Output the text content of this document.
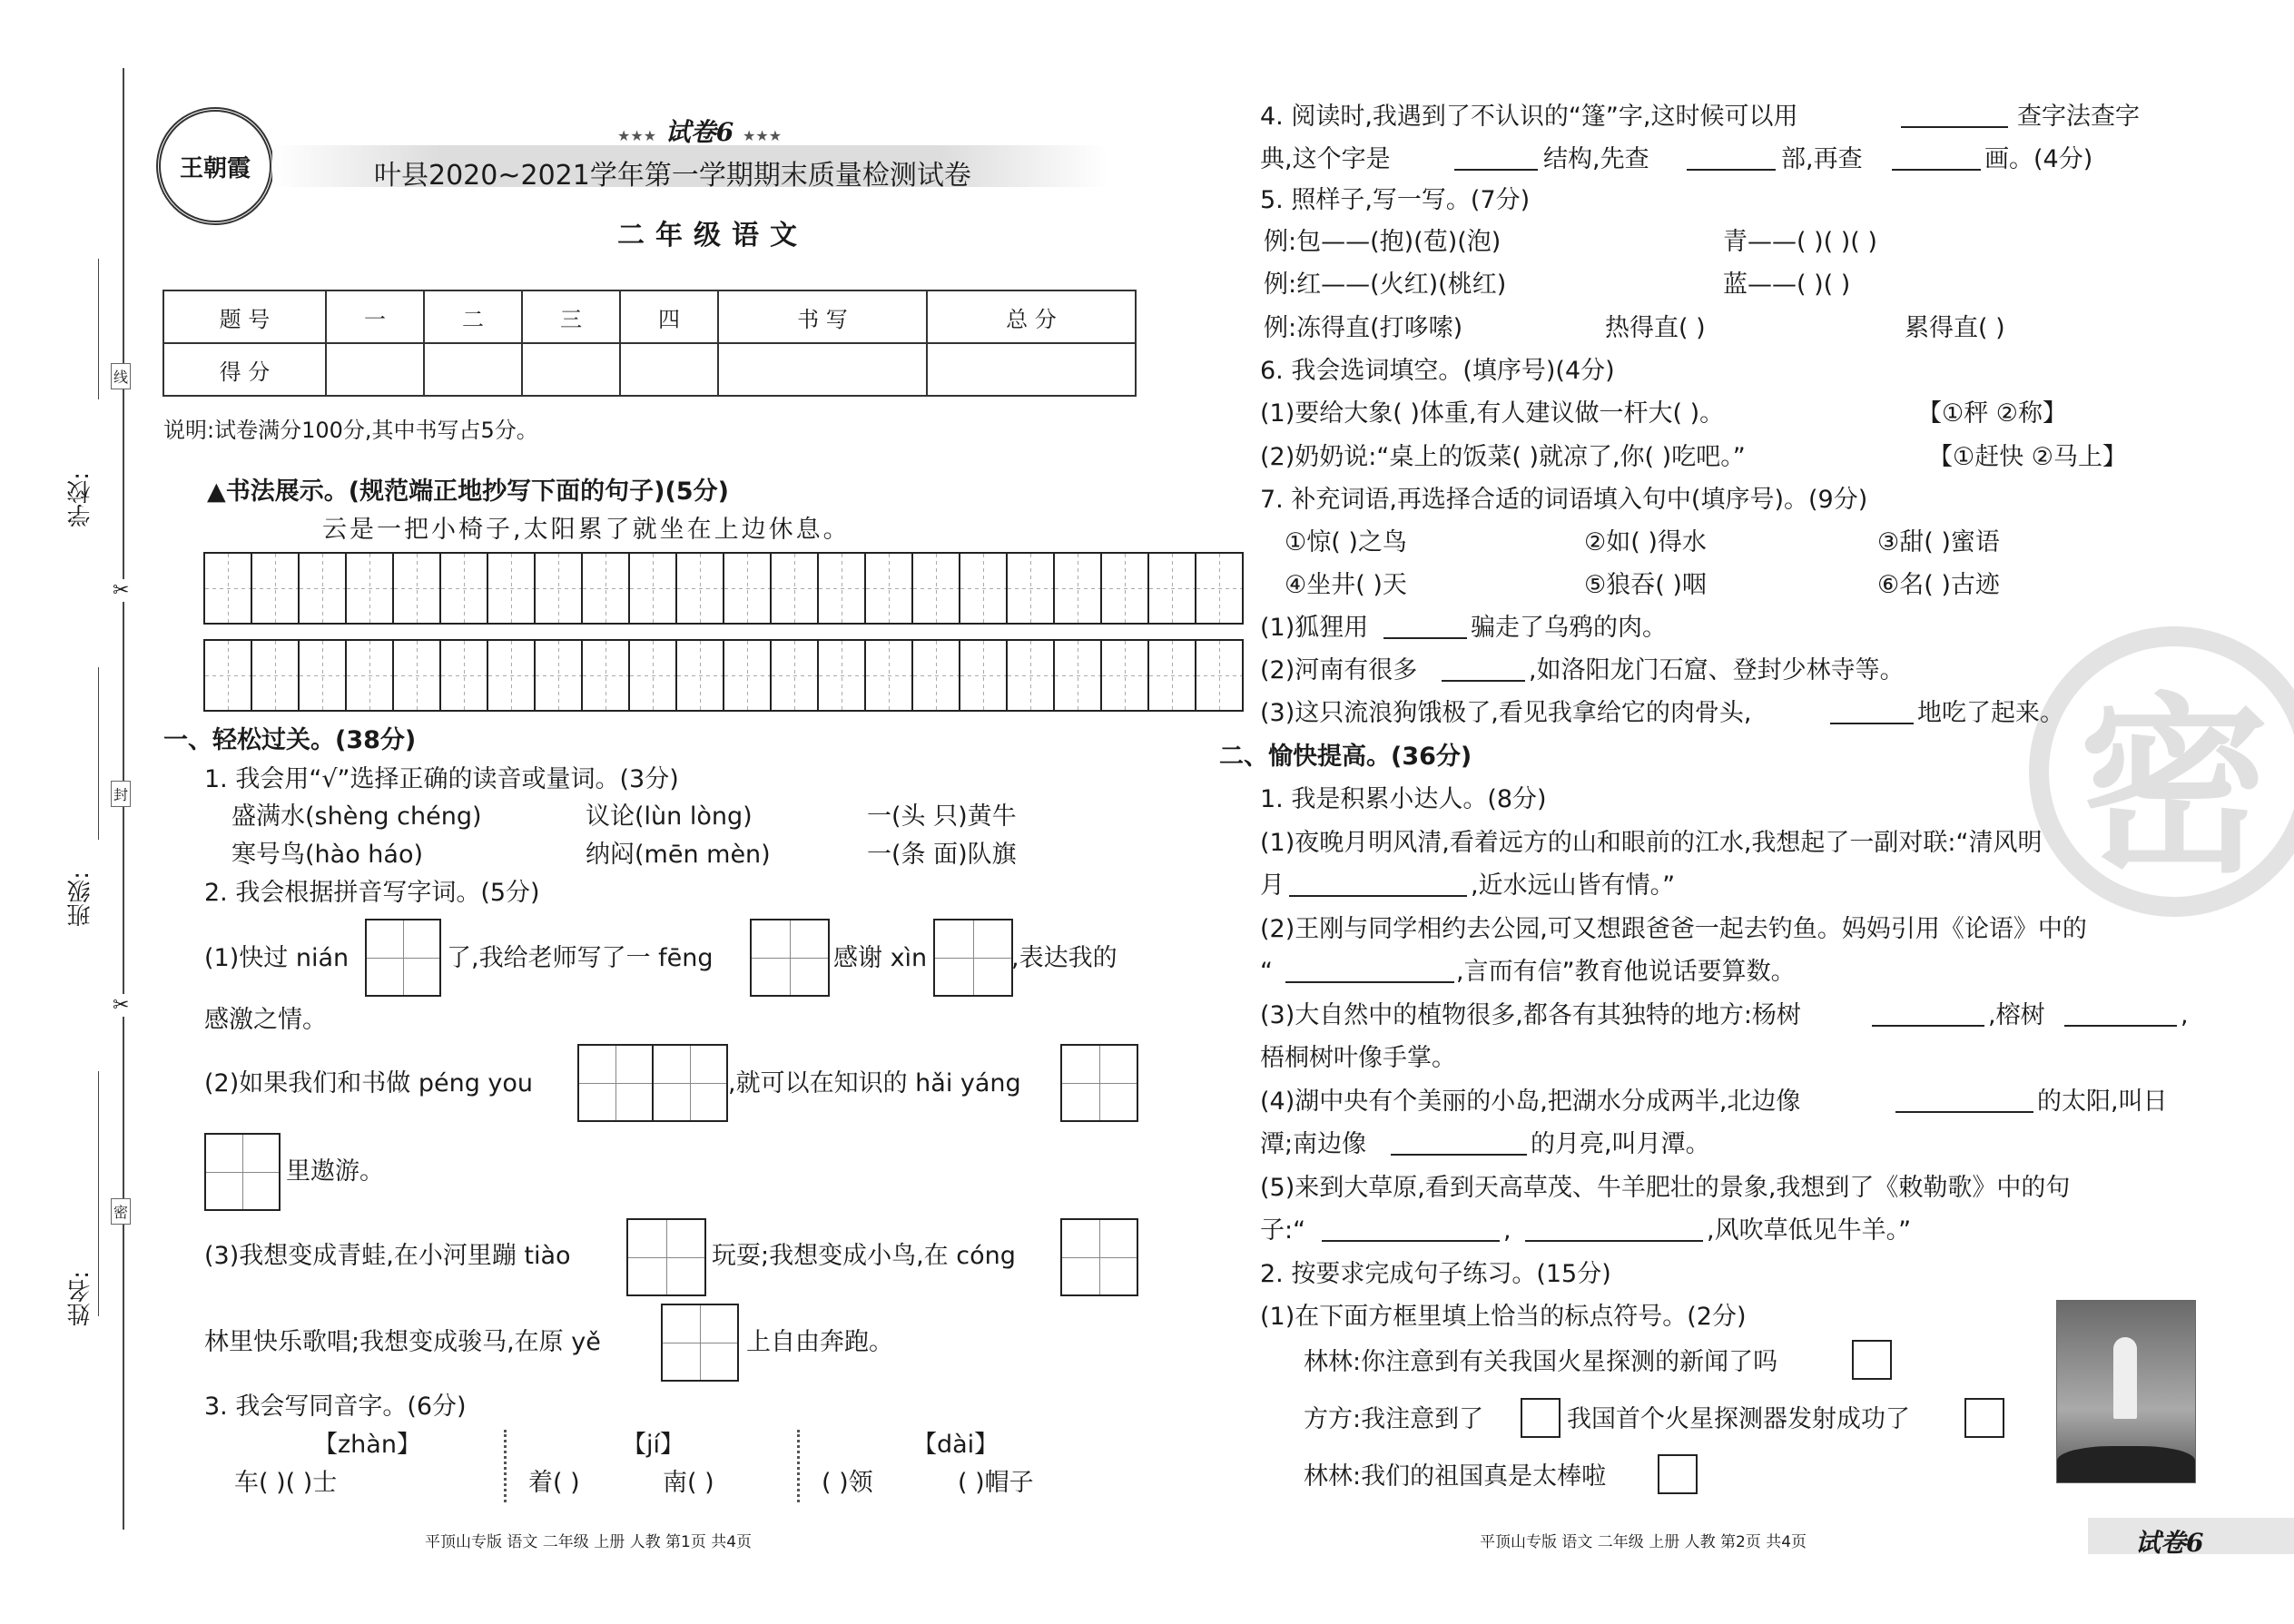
学校:
班级:
姓名:
线
封
密
✂
✂
王朝霞
★★★ 试卷6 ★★★
叶县2020~2021学年第一学期期末质量检测试卷
二年级语文
题 号	一	二	三	四	书 写	总 分
得 分						
说明:试卷满分100分,其中书写占5分。
▲书法展示。(规范端正地抄写下面的句子)(5分)
云是一把小椅子,太阳累了就坐在上边休息。
一、轻松过关。(38分)
1. 我会用“√”选择正确的读音或量词。(3分)
盛满水(shèng chéng)	议论(lùn lòng)	一(头 只)黄牛
寒号鸟(hào háo)	纳闷(mēn mèn)	一(条 面)队旗
2. 我会根据拼音写字词。(5分)
(1)快过 nián	了,我给老师写了一 fēng	感谢 xìn	,表达我的
感激之情。
(2)如果我们和书做 péng you	,就可以在知识的 hǎi yáng
里遨游。
(3)我想变成青蛙,在小河里蹦 tiào	玩耍;我想变成小鸟,在 cóng
林里快乐歌唱;我想变成骏马,在原 yě	上自由奔跑。
3. 我会写同音字。(6分)
【zhàn】	【jí】	【dài】
车( )( )士	着( )	南( )	( )领	( )帽子
平顶山专版 语文 二年级 上册 人教 第1页 共4页
密
4. 阅读时,我遇到了不认识的“篷”字,这时候可以用	查字法查字
典,这个字是	结构,先查	部,再查	画。(4分)
5. 照样子,写一写。(7分)
例:包——(抱)(苞)(泡)	青——( )( )( )
例:红——(火红)(桃红)	蓝——( )( )
例:冻得直(打哆嗦)	热得直( )	累得直( )
6. 我会选词填空。(填序号)(4分)
(1)要给大象( )体重,有人建议做一杆大( )。	【①秤 ②称】
(2)奶奶说:“桌上的饭菜( )就凉了,你( )吃吧。”	【①赶快 ②马上】
7. 补充词语,再选择合适的词语填入句中(填序号)。(9分)
①惊( )之鸟	②如( )得水	③甜( )蜜语
④坐井( )天	⑤狼吞( )咽	⑥名( )古迹
(1)狐狸用	骗走了乌鸦的肉。
(2)河南有很多	,如洛阳龙门石窟、登封少林寺等。
(3)这只流浪狗饿极了,看见我拿给它的肉骨头,	地吃了起来。
二、愉快提高。(36分)
1. 我是积累小达人。(8分)
(1)夜晚月明风清,看着远方的山和眼前的江水,我想起了一副对联:“清风明
月	,近水远山皆有情。”
(2)王刚与同学相约去公园,可又想跟爸爸一起去钓鱼。妈妈引用《论语》中的
“	,言而有信”教育他说话要算数。
(3)大自然中的植物很多,都各有其独特的地方:杨树	,榕树	,
梧桐树叶像手掌。
(4)湖中央有个美丽的小岛,把湖水分成两半,北边像	的太阳,叫日
潭;南边像	的月亮,叫月潭。
(5)来到大草原,看到天高草茂、牛羊肥壮的景象,我想到了《敕勒歌》中的句
子:“	,	,风吹草低见牛羊。”
2. 按要求完成句子练习。(15分)
(1)在下面方框里填上恰当的标点符号。(2分)
林林:你注意到有关我国火星探测的新闻了吗
方方:我注意到了	我国首个火星探测器发射成功了
林林:我们的祖国真是太棒啦
平顶山专版 语文 二年级 上册 人教 第2页 共4页	试卷6
